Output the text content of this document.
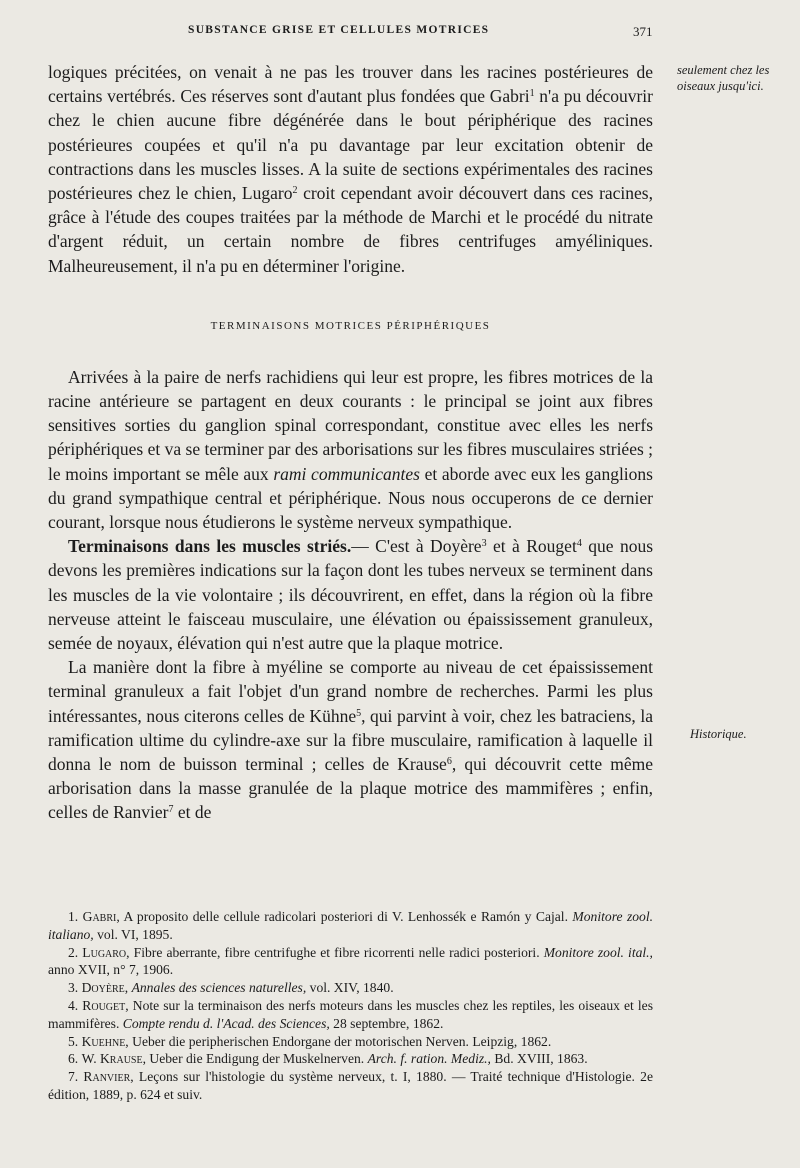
SUBSTANCE GRISE ET CELLULES MOTRICES	371
seulement chez les oiseaux jusqu'ici.
Historique.

logiques précitées, on venait à ne pas les trouver dans les racines postérieures de certains vertébrés. Ces réserves sont d'autant plus fondées que Gabri$^1$ n'a pu découvrir chez le chien aucune fibre dégénérée dans le bout périphérique des racines postérieures coupées et qu'il n'a pu davantage par leur excitation obtenir de contractions dans les muscles lisses. A la suite de sections expérimentales des racines postérieures chez le chien, Lugaro$^2$ croit cependant avoir découvert dans ces racines, grâce à l'étude des coupes traitées par la méthode de Marchi et le procédé du nitrate d'argent réduit, un certain nombre de fibres centrifuges amyéliniques. Malheureusement, il n'a pu en déterminer l'origine.

TERMINAISONS MOTRICES PÉRIPHÉRIQUES

Arrivées à la paire de nerfs rachidiens qui leur est propre, les fibres motrices de la racine antérieure se partagent en deux courants : le principal se joint aux fibres sensitives sorties du ganglion spinal correspondant, constitue avec elles les nerfs périphériques et va se terminer par des arborisations sur les fibres musculaires striées ; le moins important se mêle aux rami communicantes et aborde avec eux les ganglions du grand sympathique central et périphérique. Nous nous occuperons de ce dernier courant, lorsque nous étudierons le système nerveux sympathique.

Terminaisons dans les muscles striés.— C'est à Doyère$^3$ et à Rouget$^4$ que nous devons les premières indications sur la façon dont les tubes nerveux se terminent dans les muscles de la vie volontaire ; ils découvrirent, en effet, dans la région où la fibre nerveuse atteint le faisceau musculaire, une élévation ou épaississement granuleux, semée de noyaux, élévation qui n'est autre que la plaque motrice.

La manière dont la fibre à myéline se comporte au niveau de cet épaississement terminal granuleux a fait l'objet d'un grand nombre de recherches. Parmi les plus intéressantes, nous citerons celles de Kühne$^5$, qui parvint à voir, chez les batraciens, la ramification ultime du cylindre-axe sur la fibre musculaire, ramification à laquelle il donna le nom de buisson terminal ; celles de Krause$^6$, qui découvrit cette même arborisation dans la masse granulée de la plaque motrice des mammifères ; enfin, celles de Ranvier$^7$ et de

1. Gabri, A proposito delle cellule radicolari posteriori di V. Lenhossék e Ramón y Cajal. Monitore zool. italiano, vol. VI, 1895.

2. Lugaro, Fibre aberrante, fibre centrifughe et fibre ricorrenti nelle radici posteriori. Monitore zool. ital., anno XVII, n° 7, 1906.

3. Doyère, Annales des sciences naturelles, vol. XIV, 1840.

4. Rouget, Note sur la terminaison des nerfs moteurs dans les muscles chez les reptiles, les oiseaux et les mammifères. Compte rendu d. l'Acad. des Sciences, 28 septembre, 1862.

5. Kuehne, Ueber die peripherischen Endorgane der motorischen Nerven. Leipzig, 1862.

6. W. Krause, Ueber die Endigung der Muskelnerven. Arch. f. ration. Mediz., Bd. XVIII, 1863.

7. Ranvier, Leçons sur l'histologie du système nerveux, t. I, 1880. — Traité technique d'Histologie. 2e édition, 1889, p. 624 et suiv.
